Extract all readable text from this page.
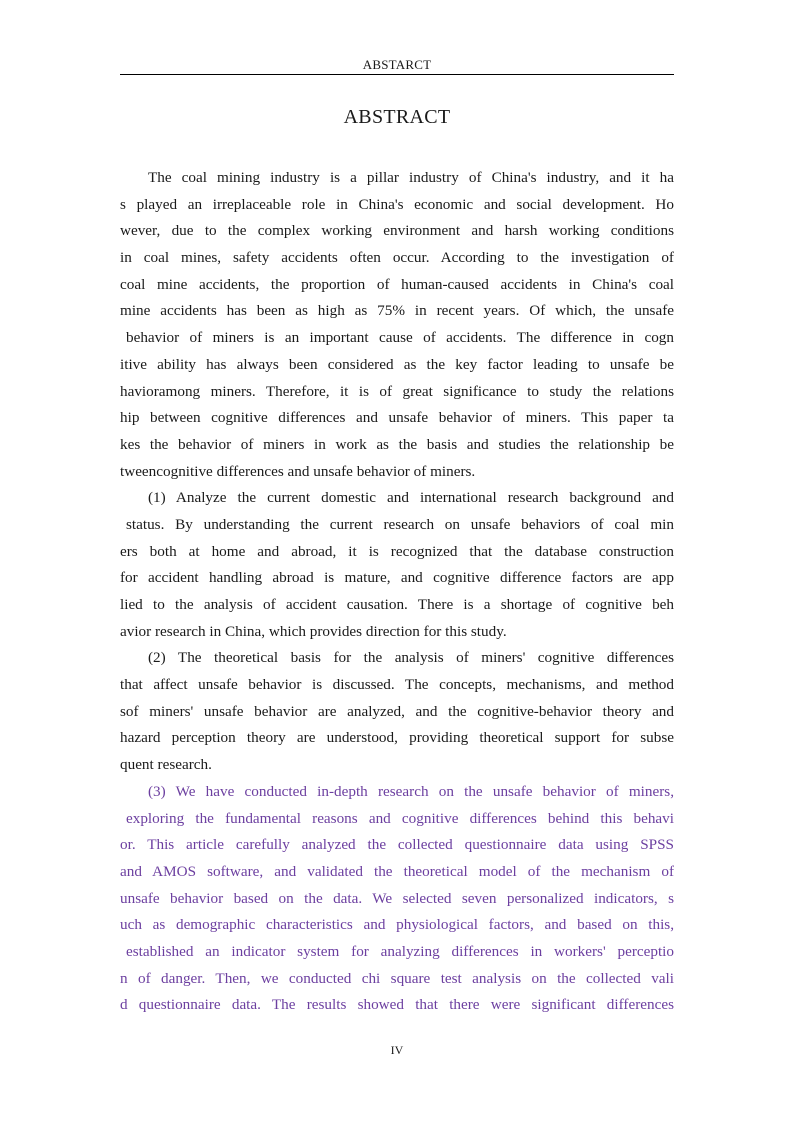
ABSTARCT
ABSTRACT
The coal mining industry is a pillar industry of China's industry, and it ha
s played an irreplaceable role in China's economic and social development. Ho
wever, due to the complex working environment and harsh working conditions
in coal mines, safety accidents often occur. According to the investigation of
coal mine accidents, the proportion of human-caused accidents in China's coal
mine accidents has been as high as 75% in recent years. Of which, the unsafe
behavior of miners is an important cause of accidents. The difference in cogn
itive ability has always been considered as the key factor leading to unsafe be
havioramong miners. Therefore, it is of great significance to study the relations
hip between cognitive differences and unsafe behavior of miners. This paper ta
kes the behavior of miners in work as the basis and studies the relationship be
tweencognitive differences and unsafe behavior of miners.
(1) Analyze the current domestic and international research background and
status. By understanding the current research on unsafe behaviors of coal min
ers both at home and abroad, it is recognized that the database construction
for accident handling abroad is mature, and cognitive difference factors are app
lied to the analysis of accident causation. There is a shortage of cognitive beh
avior research in China, which provides direction for this study.
(2) The theoretical basis for the analysis of miners' cognitive differences
that affect unsafe behavior is discussed. The concepts, mechanisms, and method
sof miners' unsafe behavior are analyzed, and the cognitive-behavior theory and
hazard perception theory are understood, providing theoretical support for subse
quent research.
(3) We have conducted in-depth research on the unsafe behavior of miners,
exploring the fundamental reasons and cognitive differences behind this behavi
or. This article carefully analyzed the collected questionnaire data using SPSS
and AMOS software, and validated the theoretical model of the mechanism of
unsafe behavior based on the data. We selected seven personalized indicators, s
uch as demographic characteristics and physiological factors, and based on this,
established an indicator system for analyzing differences in workers' perceptio
n of danger. Then, we conducted chi square test analysis on the collected vali
d questionnaire data. The results showed that there were significant differences
IV
